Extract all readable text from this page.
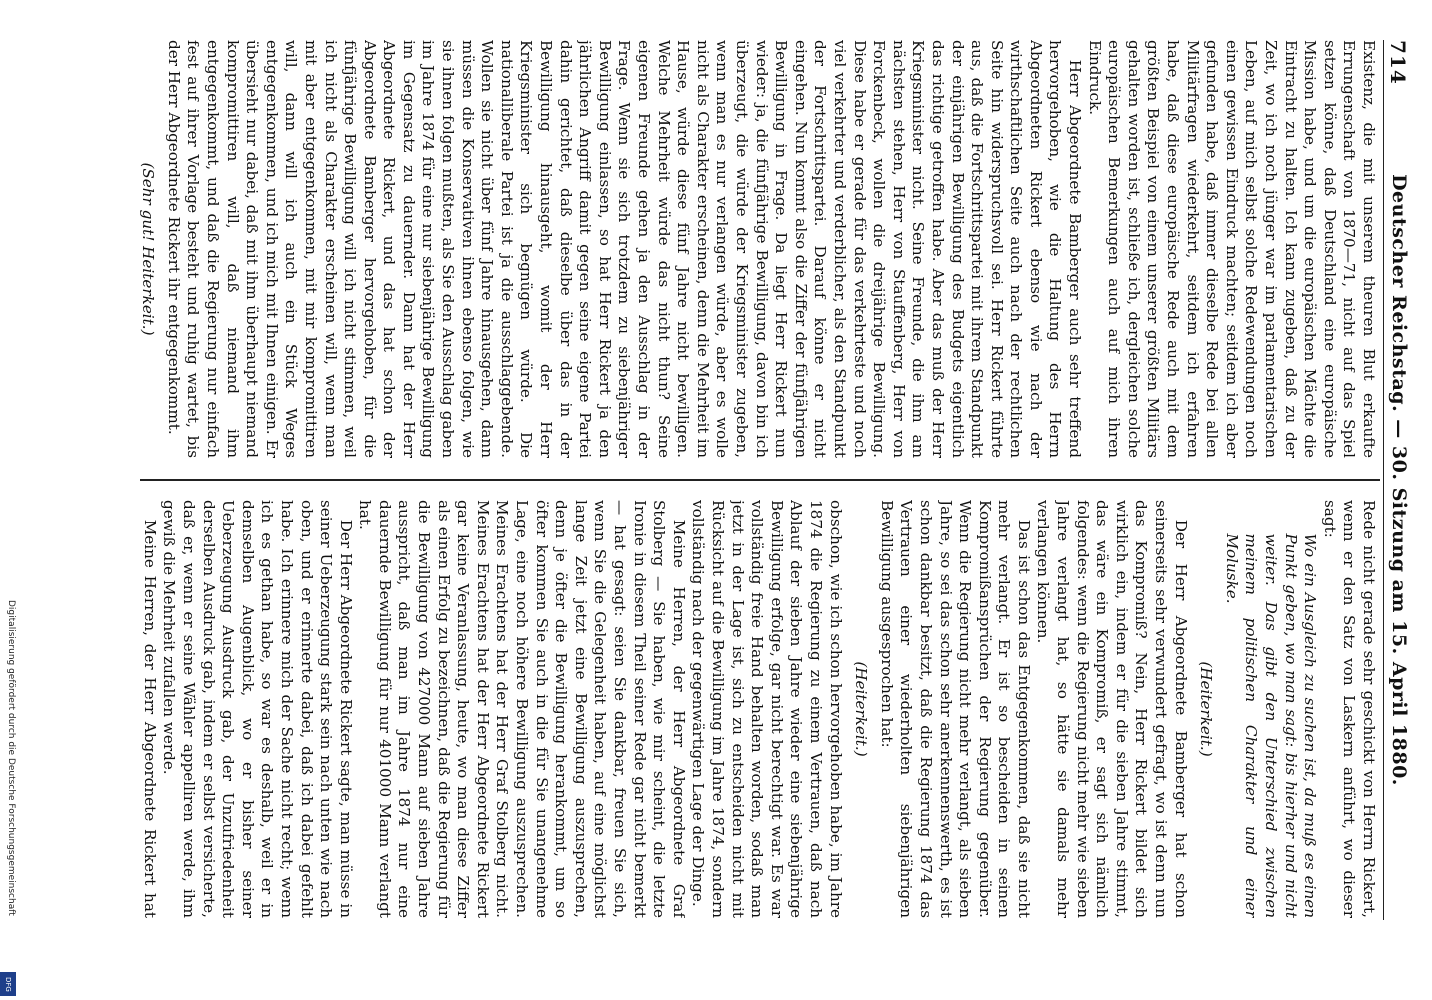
714
Deutscher Reichstag. — 30. Sitzung am 15. April 1880.

Existenz, die mit unserem theuren Blut erkaufte Errungenschaft von 1870—71, nicht auf das Spiel setzen könne, daß Deutschland eine europäische Mission habe, und um die europäischen Mächte die Eintracht zu halten. Ich kann zugeben, daß zu der Zeit, wo ich noch jünger war im parlamentarischen Leben, auf mich selbst solche Redewendungen noch einen gewissen Eindruck machten; seitdem ich aber gefunden habe, daß immer dieselbe Rede bei allen Militärfragen wiederkehrt, seitdem ich erfahren habe, daß diese europäische Rede auch mit dem größten Beispiel von einem unserer größten Militärs gehalten worden ist, schließe ich, dergleichen solche europäischen Bemerkungen auch auf mich ihren Eindruck.

Herr Abgeordnete Bamberger auch sehr treffend hervorgehoben, wie die Haltung des Herrn Abgeordneten Rickert ebenso wie nach der wirthschaftlichen Seite auch nach der rechtlichen Seite hin widerspruchsvoll sei. Herr Rickert führte aus, daß die Fortschrittspartei mit ihrem Standpunkt der einjährigen Bewilligung des Budgets eigentlich das richtige getroffen habe. Aber das muß der Herr Kriegsminister nicht. Seine Freunde, die ihm am nächsten stehen, Herr von Stauffenberg, Herr von Forckenbeck, wollen die dreijährige Bewilligung. Diese habe er gerade für das verkehrteste und noch viel verkehrter und verderblicher, als den Standpunkt der Fortschrittspartei. Darauf könne er nicht eingehen. Nun kommt also die Ziffer der fünfjährigen Bewilligung in Frage. Da liegt Herr Rickert nun wieder: ja, die fünfjährige Bewilligung, davon bin ich überzeugt, die würde der Kriegsminister zugeben, wenn man es nur verlangen würde, aber es wolle nicht als Charakter erscheinen, denn die Mehrheit im Hause, würde diese fünf Jahre nicht bewilligen. Welche Mehrheit würde das nicht thun? Seine eigenen Freunde gehen ja den Ausschlag in der Frage. Wenn sie sich trotzdem zu siebenjähriger Bewilligung einlassen, so hat Herr Rickert ja den jährlichen Angriff damit gegen seine eigene Partei dahin gerichtet, daß dieselbe über das in der Bewilligung hinausgeht, womit der Herr Kriegsminister sich begnügen würde. Die nationalliberale Partei ist ja die ausschlaggebende. Wollen sie nicht über fünf Jahre hinausgehen, dann müssen die Konservativen ihnen ebenso folgen, wie sie ihnen folgen mußten, als Sie den Ausschlag gaben im Jahre 1874 für eine nur siebenjährige Bewilligung im Gegensatz zu dauernder. Dann hat der Herr Abgeordnete Rickert, und das hat schon der Abgeordnete Bamberger hervorgehoben, für die fünfjährige Bewilligung will ich nicht stimmen, weil ich nicht als Charakter erscheinen will, wenn man mit aber entgegenkommen, mit mir kompromittiren will, dann will ich auch ein Stück Weges entgegenkommen, und ich mich mit Ihnen einigen. Er übersieht nur dabei, daß mit ihm überhaupt niemand kompromittiren will, daß niemand ihm entgegenkommt, und daß die Regierung nur einfach fest auf ihrer Vorlage besteht und ruhig wartet, bis der Herr Abgeordnete Rickert ihr entgegenkommt.

(Sehr gut! Heiterkeit.)

Rede nicht gerade sehr geschickt von Herrn Rickert, wenn er den Satz von Laskern anführt, wo dieser sagt:

Wo ein Ausgleich zu suchen ist, da muß es einen Punkt geben, wo man sagt: bis hierher und nicht weiter. Das gibt den Unterschied zwischen meinem politischen Charakter und einer Moluske.

(Heiterkeit.)

Der Herr Abgeordnete Bamberger hat schon seinerseits sehr verwundert gefragt, wo ist denn nun das Kompromiß? Nein, Herr Rickert bildet sich wirklich ein, indem er für die sieben Jahre stimmt, das wäre ein Kompromiß, er sagt sich nämlich folgendes: wenn die Regierung nicht mehr wie sieben Jahre verlangt hat, so hätte sie damals mehr verlangen können.

Das ist schon das Entgegenkommen, daß sie nicht mehr verlangt. Er ist so bescheiden in seinen Kompromißansprüchen der Regierung gegenüber. Wenn die Regierung nicht mehr verlangt, als sieben Jahre, so sei das schon sehr anerkennenswerth, es ist schon dankbar besitzt, daß die Regierung 1874 das Vertrauen einer wiederholten siebenjährigen Bewilligung ausgesprochen hat:

(Heiterkeit.)

obschon, wie ich schon hervorgehoben habe, im Jahre 1874 die Regierung zu einem Vertrauen, daß nach Ablauf der sieben Jahre wieder eine siebenjährige Bewilligung erfolge, gar nicht berechtigt war. Es war vollständig freie Hand behalten worden, sodaß man jetzt in der Lage ist, sich zu entscheiden nicht mit Rücksicht auf die Bewilligung im Jahre 1874, sondern vollständig nach der gegenwärtigen Lage der Dinge.

Meine Herren, der Herr Abgeordnete Graf Stolberg — Sie haben, wie mir scheint, die letzte Ironie in diesem Theil seiner Rede gar nicht bemerkt — hat gesagt: seien Sie dankbar, freuen Sie sich, wenn Sie die Gelegenheit haben, auf eine möglichst lange Zeit jetzt eine Bewilligung auszusprechen, denn je öfter die Bewilligung herankommt, um so öfter kommen Sie auch in die für Sie unangenehme Lage, eine noch höhere Bewilligung auszusprechen. Meines Erachtens hat der Herr Graf Stolberg nicht. Meines Erachtens hat der Herr Abgeordnete Rickert gar keine Veranlassung, heute, wo man diese Ziffer als einen Erfolg zu bezeichnen, daß die Regierung für die Bewilligung von 427000 Mann auf sieben Jahre ausspricht, daß man im Jahre 1874 nur eine dauernde Bewilligung für nur 401000 Mann verlangt hat.

Der Herr Abgeordnete Rickert sagte, man müsse in seiner Ueberzeugung stark sein nach unten wie nach oben, und er erinnerte dabei, daß ich dabei gefehlt habe. Ich erinnere mich der Sache nicht recht; wenn ich es gethan habe, so war es deshalb, weil er in demselben Augenblick, wo er bisher seiner Ueberzeugung Ausdruck gab, der Unzufriedenheit derselben Ausdruck gab, indem er selbst versicherte, daß er, wenn er seine Wähler appelliren werde, ihm gewiß die Mehrheit zufallen werde.

Meine Herren, der Herr Abgeordnete Rickert hat

Digitalisierung gefördert durch die Deutsche Forschungsgemeinschaft
DFG
